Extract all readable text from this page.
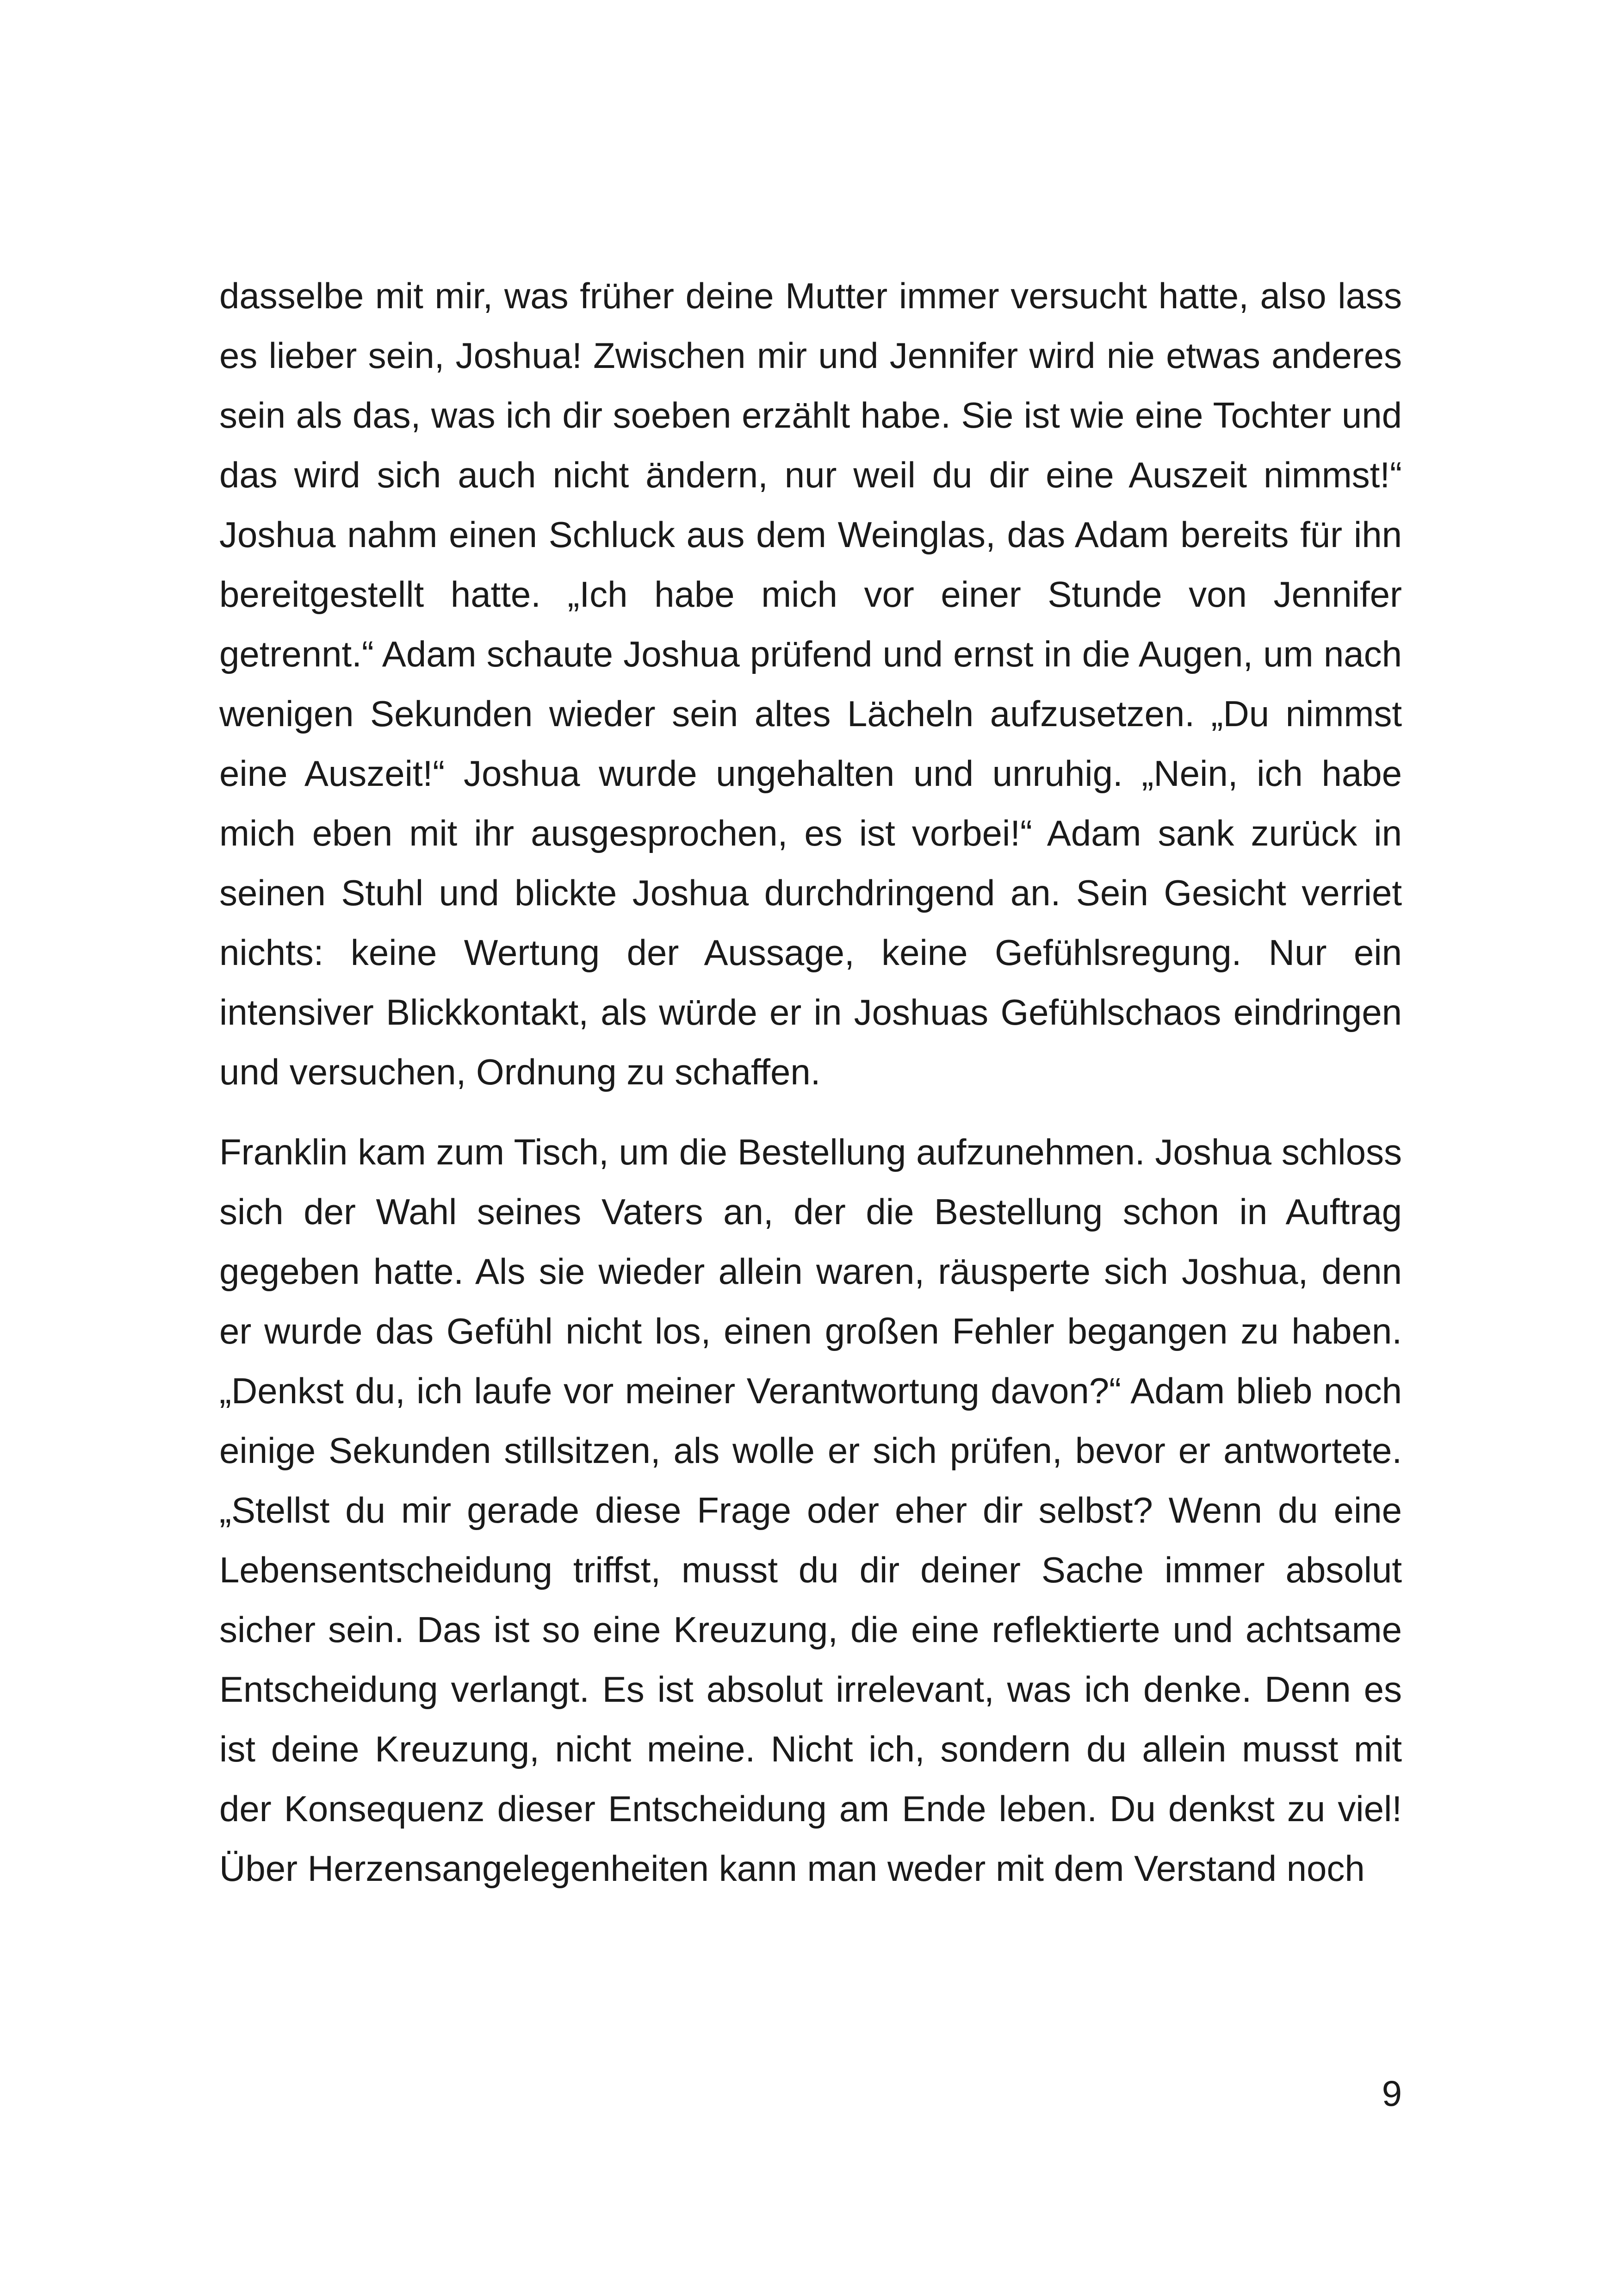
dasselbe mit mir, was früher deine Mutter immer versucht hatte, also lass es lieber sein, Joshua! Zwischen mir und Jennifer wird nie etwas anderes sein als das, was ich dir soeben erzählt habe. Sie ist wie eine Tochter und das wird sich auch nicht ändern, nur weil du dir eine Auszeit nimmst!“ Joshua nahm einen Schluck aus dem Weinglas, das Adam bereits für ihn bereitgestellt hatte. „Ich habe mich vor einer Stunde von Jennifer getrennt.“ Adam schaute Joshua prüfend und ernst in die Augen, um nach wenigen Sekunden wieder sein altes Lächeln aufzusetzen. „Du nimmst eine Auszeit!“ Joshua wurde ungehalten und unruhig. „Nein, ich habe mich eben mit ihr ausgesprochen, es ist vorbei!“ Adam sank zurück in seinen Stuhl und blickte Joshua durchdringend an. Sein Gesicht verriet nichts: keine Wertung der Aussage, keine Gefühlsregung. Nur ein intensiver Blickkontakt, als würde er in Joshuas Gefühlschaos eindringen und versuchen, Ordnung zu schaffen.

Franklin kam zum Tisch, um die Bestellung aufzunehmen. Joshua schloss sich der Wahl seines Vaters an, der die Bestellung schon in Auftrag gegeben hatte. Als sie wieder allein waren, räusperte sich Joshua, denn er wurde das Gefühl nicht los, einen großen Fehler begangen zu haben. „Denkst du, ich laufe vor meiner Verantwortung davon?“ Adam blieb noch einige Sekunden stillsitzen, als wolle er sich prüfen, bevor er antwortete. „Stellst du mir gerade diese Frage oder eher dir selbst? Wenn du eine Lebensentscheidung triffst, musst du dir deiner Sache immer absolut sicher sein. Das ist so eine Kreuzung, die eine reflektierte und achtsame Entscheidung verlangt. Es ist absolut irrelevant, was ich denke. Denn es ist deine Kreuzung, nicht meine. Nicht ich, sondern du allein musst mit der Konsequenz dieser Entscheidung am Ende leben. Du denkst zu viel! Über Herzensangelegenheiten kann man weder mit dem Verstand noch

9
